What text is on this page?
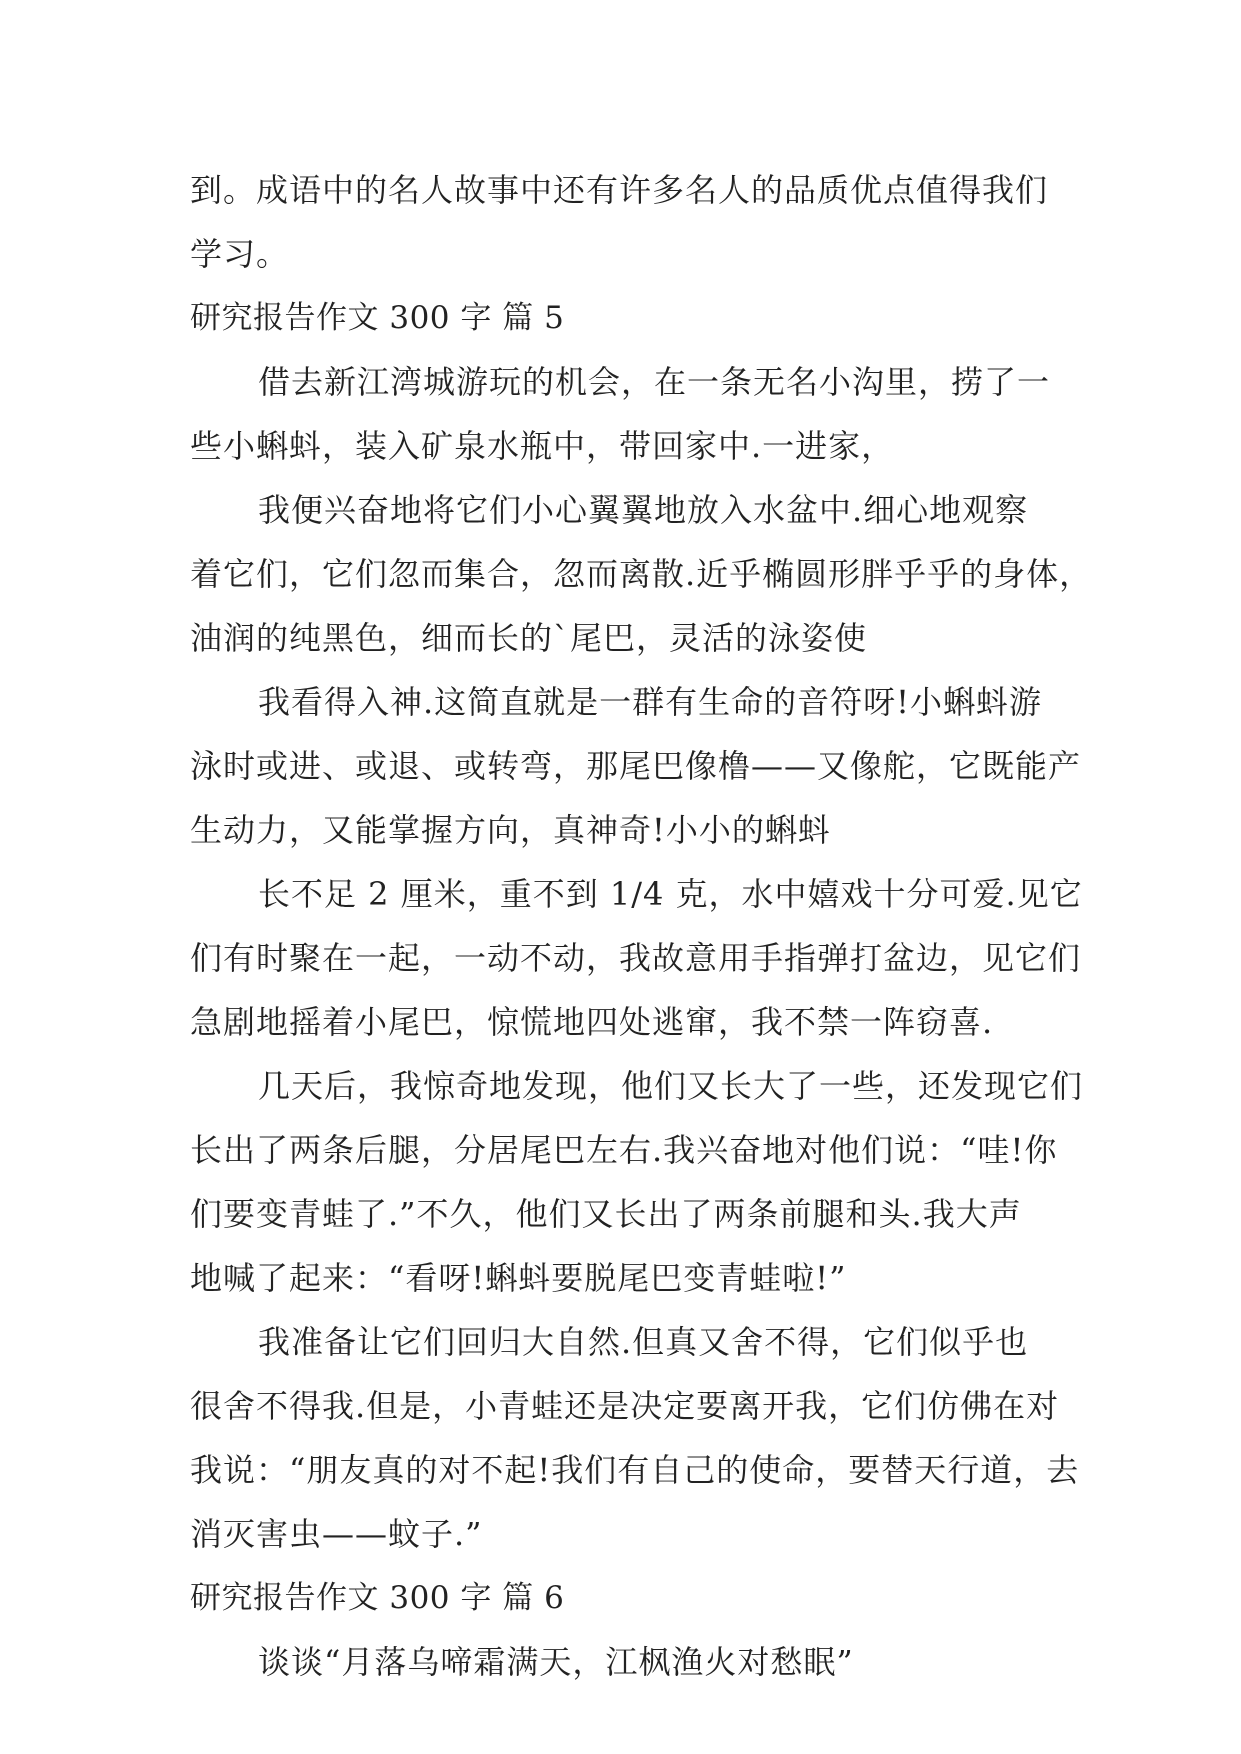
到。成语中的名人故事中还有许多名人的品质优点值得我们
学习。
研究报告作文 300 字 篇 5
借去新江湾城游玩的机会，在一条无名小沟里，捞了一
些小蝌蚪，装入矿泉水瓶中，带回家中.一进家，
我便兴奋地将它们小心翼翼地放入水盆中.细心地观察
着它们，它们忽而集合，忽而离散.近乎椭圆形胖乎乎的身体，
油润的纯黑色，细而长的`尾巴，灵活的泳姿使
我看得入神.这简直就是一群有生命的音符呀!小蝌蚪游
泳时或进、或退、或转弯，那尾巴像橹——又像舵，它既能产
生动力，又能掌握方向，真神奇!小小的蝌蚪
长不足 2 厘米，重不到 1/4 克，水中嬉戏十分可爱.见它
们有时聚在一起，一动不动，我故意用手指弹打盆边，见它们
急剧地摇着小尾巴，惊慌地四处逃窜，我不禁一阵窃喜.
几天后，我惊奇地发现，他们又长大了一些，还发现它们
长出了两条后腿，分居尾巴左右.我兴奋地对他们说：“哇!你
们要变青蛙了.”不久，他们又长出了两条前腿和头.我大声
地喊了起来：“看呀!蝌蚪要脱尾巴变青蛙啦!”
我准备让它们回归大自然.但真又舍不得，它们似乎也
很舍不得我.但是，小青蛙还是决定要离开我，它们仿佛在对
我说：“朋友真的对不起!我们有自己的使命，要替天行道，去
消灭害虫——蚊子.”
研究报告作文 300 字 篇 6
谈谈“月落乌啼霜满天，江枫渔火对愁眠”
